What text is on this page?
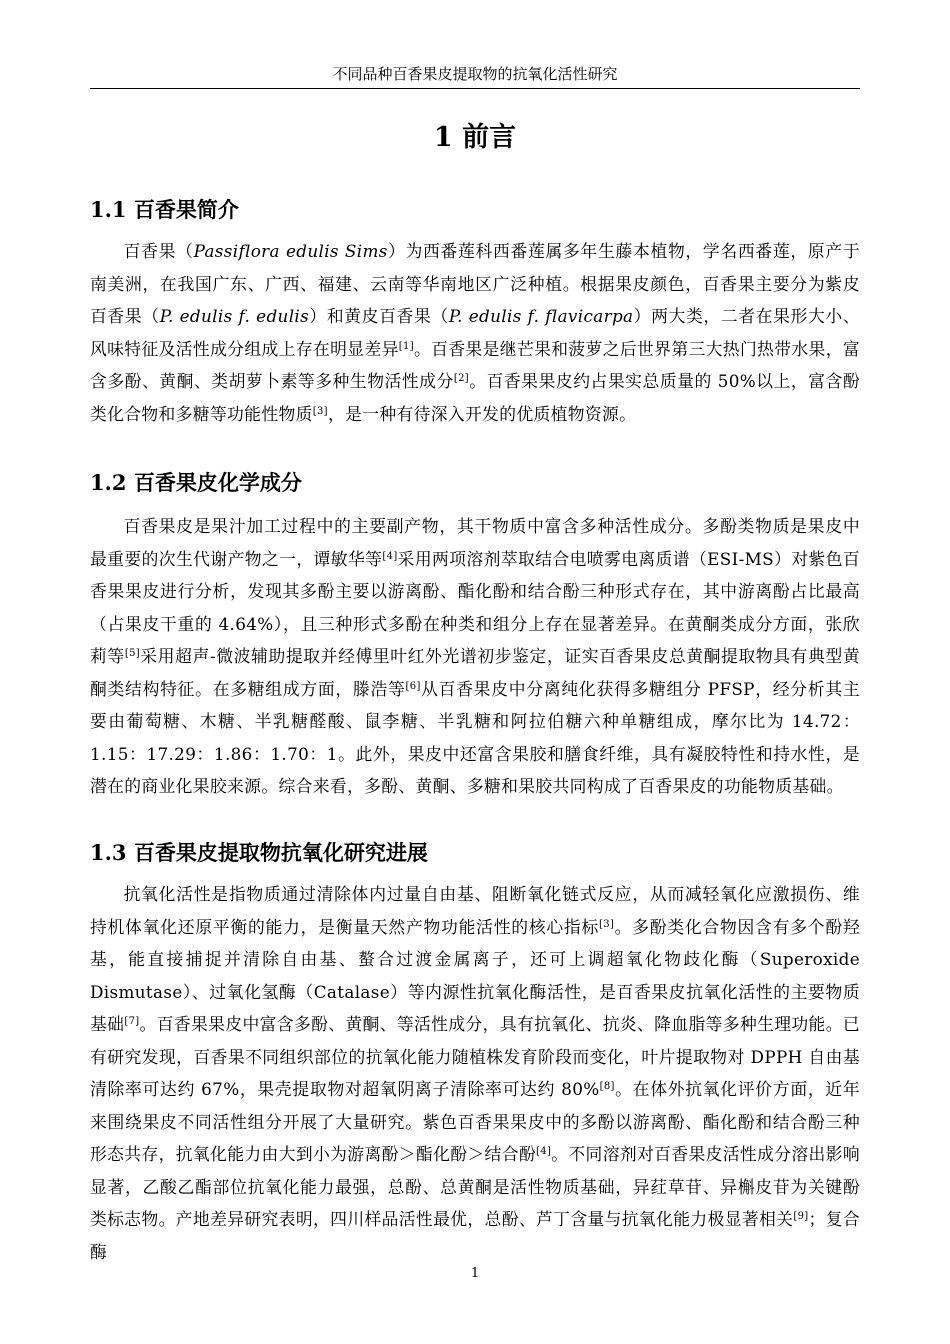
不同品种百香果皮提取物的抗氧化活性研究
1 前言
1.1 百香果简介

百香果（Passiflora edulis Sims）为西番莲科西番莲属多年生藤本植物，学名西番莲，原产于南美洲，在我国广东、广西、福建、云南等华南地区广泛种植。根据果皮颜色，百香果主要分为紫皮百香果（P. edulis f. edulis）和黄皮百香果（P. edulis f. flavicarpa）两大类，二者在果形大小、风味特征及活性成分组成上存在明显差异[1]。百香果是继芒果和菠萝之后世界第三大热门热带水果，富含多酚、黄酮、类胡萝卜素等多种生物活性成分[2]。百香果果皮约占果实总质量的 50%以上，富含酚类化合物和多糖等功能性物质[3]，是一种有待深入开发的优质植物资源。

1.2 百香果皮化学成分

百香果皮是果汁加工过程中的主要副产物，其干物质中富含多种活性成分。多酚类物质是果皮中最重要的次生代谢产物之一，谭敏华等[4]采用两项溶剂萃取结合电喷雾电离质谱（ESI-MS）对紫色百香果果皮进行分析，发现其多酚主要以游离酚、酯化酚和结合酚三种形式存在，其中游离酚占比最高（占果皮干重的 4.64%），且三种形式多酚在种类和组分上存在显著差异。在黄酮类成分方面，张欣莉等[5]采用超声-微波辅助提取并经傅里叶红外光谱初步鉴定，证实百香果皮总黄酮提取物具有典型黄酮类结构特征。在多糖组成方面，滕浩等[6]从百香果皮中分离纯化获得多糖组分 PFSP，经分析其主要由葡萄糖、木糖、半乳糖醛酸、鼠李糖、半乳糖和阿拉伯糖六种单糖组成，摩尔比为 14.72：1.15：17.29：1.86：1.70：1。此外，果皮中还富含果胶和膳食纤维，具有凝胶特性和持水性，是潜在的商业化果胶来源。综合来看，多酚、黄酮、多糖和果胶共同构成了百香果皮的功能物质基础。

1.3 百香果皮提取物抗氧化研究进展

抗氧化活性是指物质通过清除体内过量自由基、阻断氧化链式反应，从而减轻氧化应激损伤、维持机体氧化还原平衡的能力，是衡量天然产物功能活性的核心指标[3]。多酚类化合物因含有多个酚羟基，能直接捕捉并清除自由基、螯合过渡金属离子，还可上调超氧化物歧化酶（Superoxide Dismutase）、过氧化氢酶（Catalase）等内源性抗氧化酶活性，是百香果皮抗氧化活性的主要物质基础[7]。百香果果皮中富含多酚、黄酮、等活性成分，具有抗氧化、抗炎、降血脂等多种生理功能。已有研究发现，百香果不同组织部位的抗氧化能力随植株发育阶段而变化，叶片提取物对 DPPH 自由基清除率可达约 67%，果壳提取物对超氧阴离子清除率可达约 80%[8]。在体外抗氧化评价方面，近年来围绕果皮不同活性组分开展了大量研究。紫色百香果果皮中的多酚以游离酚、酯化酚和结合酚三种形态共存，抗氧化能力由大到小为游离酚＞酯化酚＞结合酚[4]。不同溶剂对百香果皮活性成分溶出影响显著，乙酸乙酯部位抗氧化能力最强，总酚、总黄酮是活性物质基础，异荭草苷、异槲皮苷为关键酚类标志物。产地差异研究表明，四川样品活性最优，总酚、芦丁含量与抗氧化能力极显著相关[9]；复合酶

1
